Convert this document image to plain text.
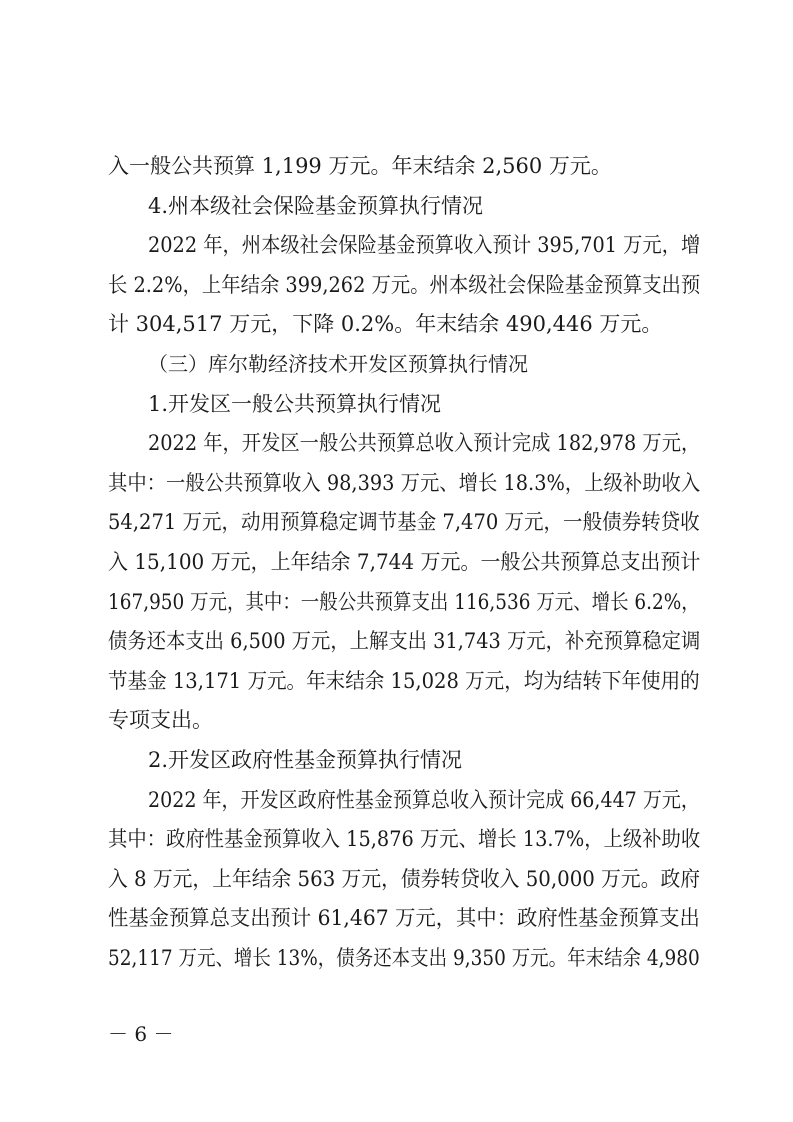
入一般公共预算 1,199 万元。年末结余 2,560 万元。
4.州本级社会保险基金预算执行情况
2022 年，州本级社会保险基金预算收入预计 395,701 万元，增
长 2.2%，上年结余 399,262 万元。州本级社会保险基金预算支出预
计 304,517 万元，下降 0.2%。年末结余 490,446 万元。
（三）库尔勒经济技术开发区预算执行情况
1.开发区一般公共预算执行情况
2022 年，开发区一般公共预算总收入预计完成 182,978 万元，
其中：一般公共预算收入 98,393 万元、增长 18.3%，上级补助收入
54,271 万元，动用预算稳定调节基金 7,470 万元，一般债券转贷收
入 15,100 万元，上年结余 7,744 万元。一般公共预算总支出预计
167,950 万元，其中：一般公共预算支出 116,536 万元、增长 6.2%，
债务还本支出 6,500 万元，上解支出 31,743 万元，补充预算稳定调
节基金 13,171 万元。年末结余 15,028 万元，均为结转下年使用的
专项支出。
2.开发区政府性基金预算执行情况
2022 年，开发区政府性基金预算总收入预计完成 66,447 万元，
其中：政府性基金预算收入 15,876 万元、增长 13.7%，上级补助收
入 8 万元，上年结余 563 万元，债券转贷收入 50,000 万元。政府
性基金预算总支出预计 61,467 万元，其中：政府性基金预算支出
52,117 万元、增长 13%，债务还本支出 9,350 万元。年末结余 4,980
－ 6 －
